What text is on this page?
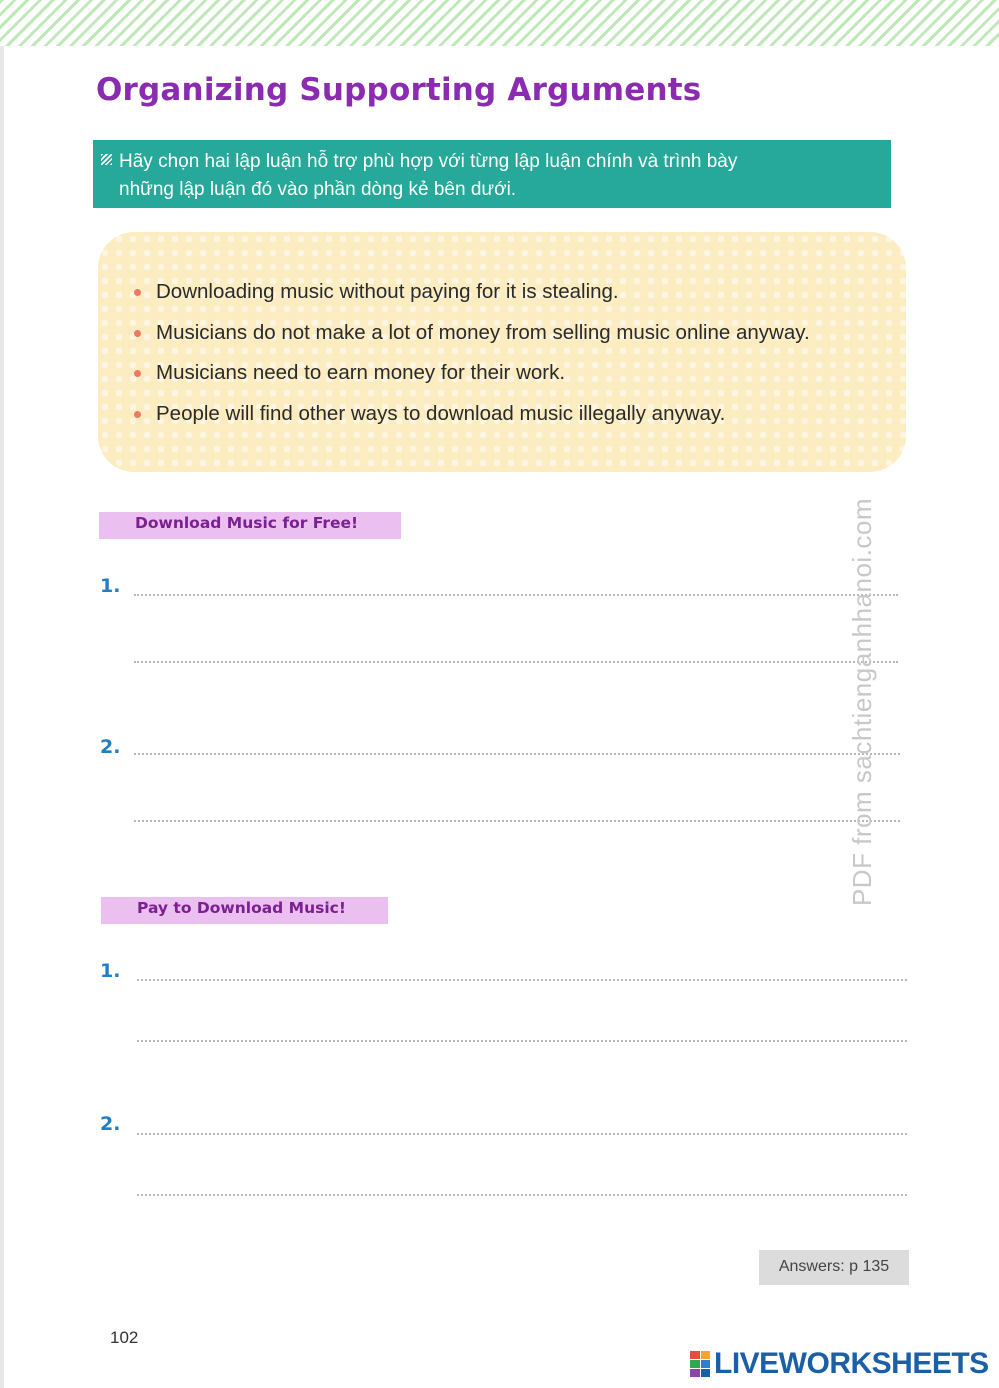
Organizing Supporting Arguments
Hãy chọn hai lập luận hỗ trợ phù hợp với từng lập luận chính và trình bày
những lập luận đó vào phần dòng kẻ bên dưới.
Downloading music without paying for it is stealing.
Musicians do not make a lot of money from selling music online anyway.
Musicians need to earn money for their work.
People will find other ways to download music illegally anyway.
Download Music for Free!
1.
2.
Pay to Download Music!
1.
2.
Answers: p 135
102
PDF from sachtienganhhanoi.com
LIVEWORKSHEETS
